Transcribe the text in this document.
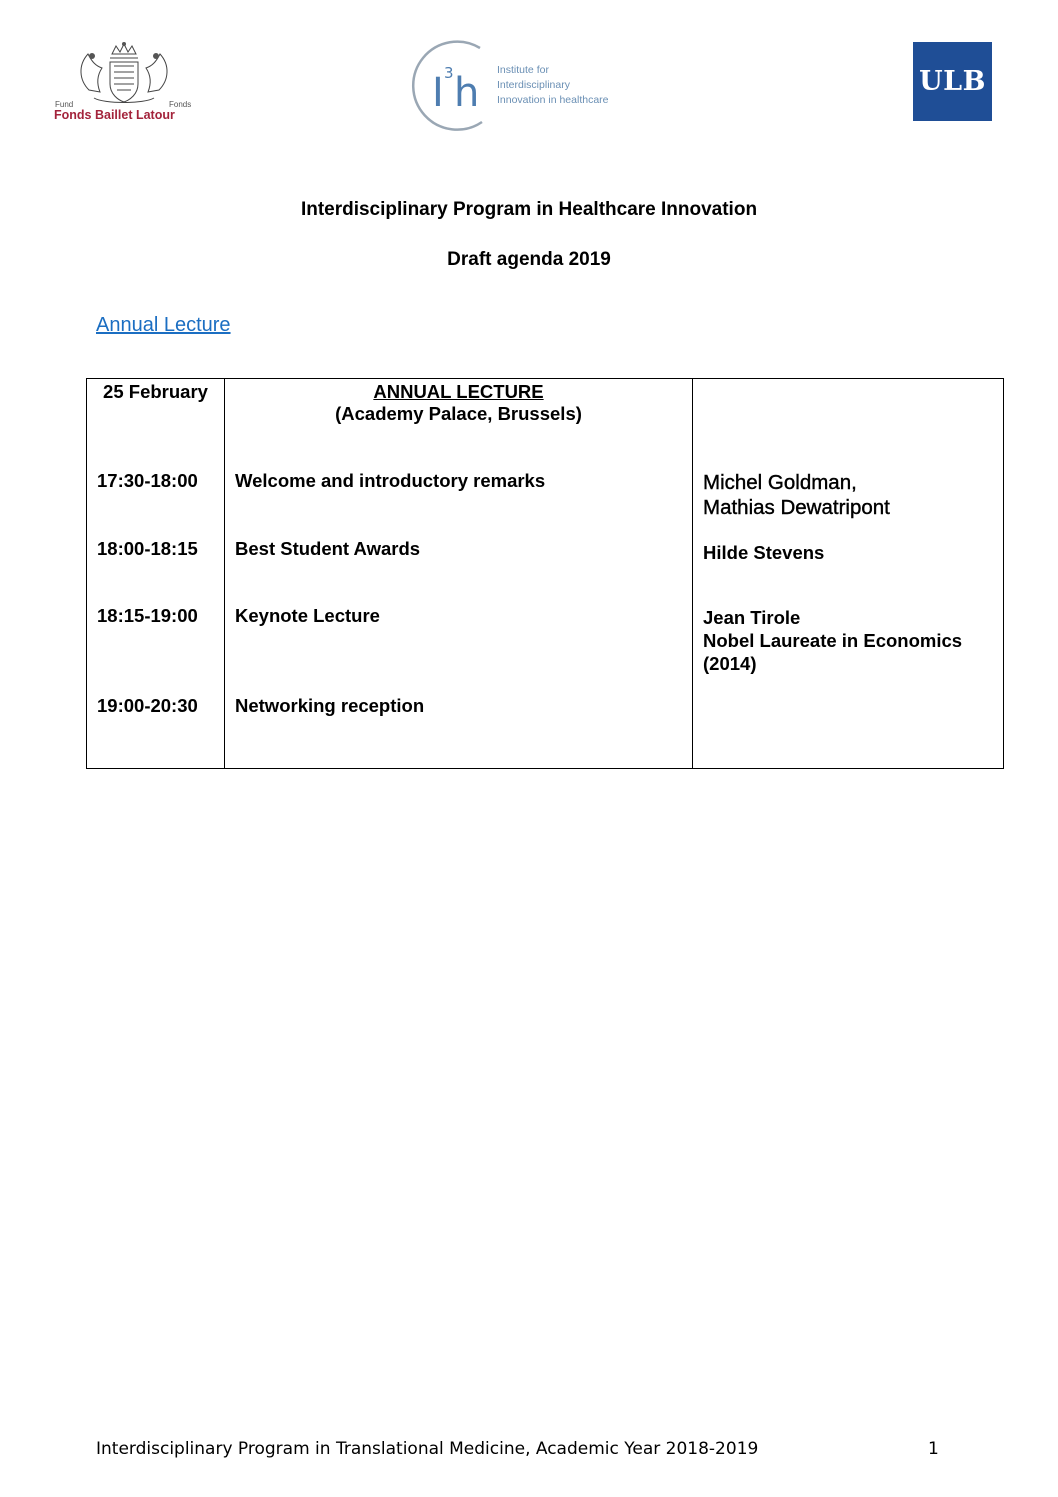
Fund	Fonds
Fonds Baillet Latour	I 3 h Institute for
Interdisciplinary
Innovation in healthcare
ULB
Interdisciplinary Program in Healthcare Innovation
Draft agenda 2019
Annual Lecture
25 February	ANNUAL LECTURE
(Academy Palace, Brussels)
17:30-18:00 Welcome and introductory remarks	Michel Goldman,
Mathias Dewatripont
18:00-18:15 Best Student Awards	Hilde Stevens
18:15-19:00 Keynote Lecture	Jean Tirole
Nobel Laureate in Economics
(2014)
19:00-20:30 Networking reception
Interdisciplinary Program in Translational Medicine, Academic Year 2018-2019	1
